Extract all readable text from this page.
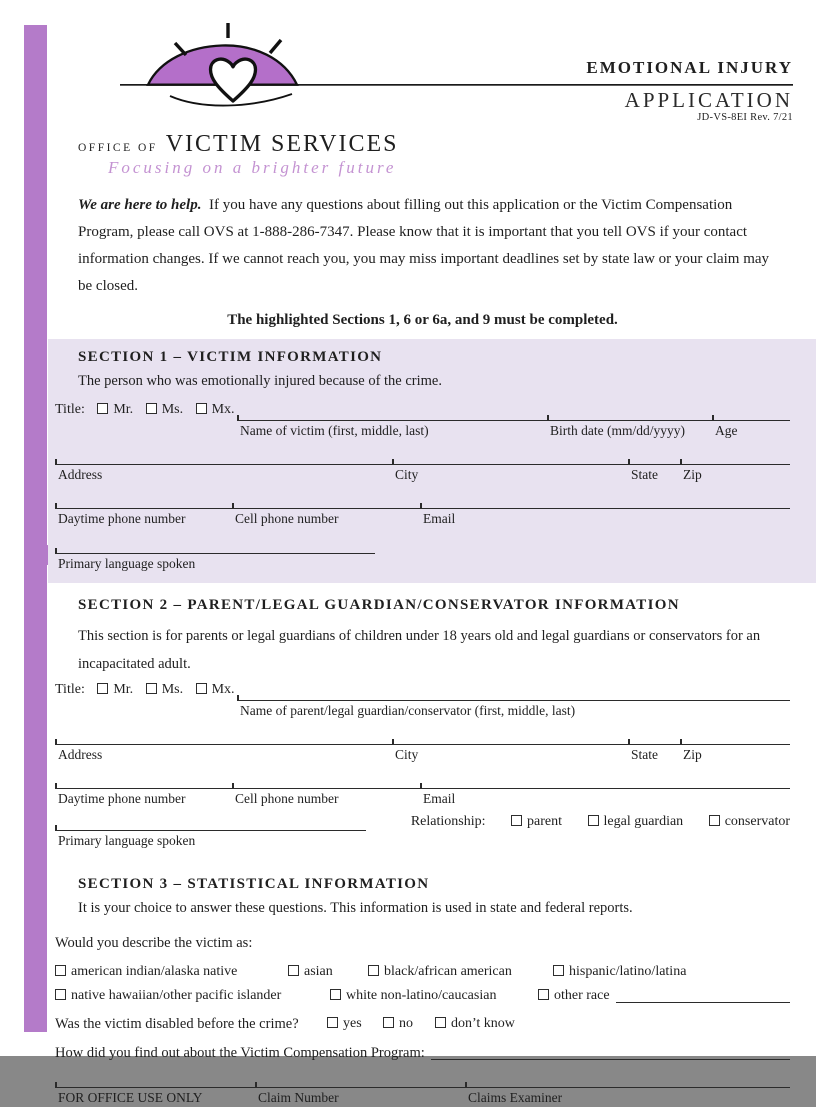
EMOTIONAL INJURY
APPLICATION
JD-VS-8EI Rev. 7/21
OFFICE OF VICTIM SERVICES
Focusing on a brighter future

We are here to help. If you have any questions about filling out this application or the Victim Compensation Program, please call OVS at 1-888-286-7347. Please know that it is important that you tell OVS if your contact information changes. If we cannot reach you, you may miss important deadlines set by state law or your claim may be closed.

The highlighted Sections 1, 6 or 6a, and 9 must be completed.
SECTION 1 – VICTIM INFORMATION
The person who was emotionally injured because of the crime.
Title: Mr. Ms. Mx.
Name of victim (first, middle, last)	Birth date (mm/dd/yyyy)	Age
Address	City	State	Zip
Daytime phone number	Cell phone number	Email
Primary language spoken
SECTION 2 – PARENT/LEGAL GUARDIAN/CONSERVATOR INFORMATION
This section is for parents or legal guardians of children under 18 years old and legal guardians or conservators for an incapacitated adult.
Title: Mr. Ms. Mx.
Name of parent/legal guardian/conservator (first, middle, last)
Address	City	State	Zip
Daytime phone number	Cell phone number	Email
Primary language spoken
Relationship:	parent	legal guardian	conservator
SECTION 3 – STATISTICAL INFORMATION
It is your choice to answer these questions. This information is used in state and federal reports.
Would you describe the victim as:
american indian/alaska native	asian	black/african american	hispanic/latino/latina
native hawaiian/other pacific islander	white non-latino/caucasian	other race
Was the victim disabled before the crime?	yes	no	don’t know
How did you find out about the Victim Compensation Program:
FOR OFFICE USE ONLY	Claim Number	Claims Examiner
